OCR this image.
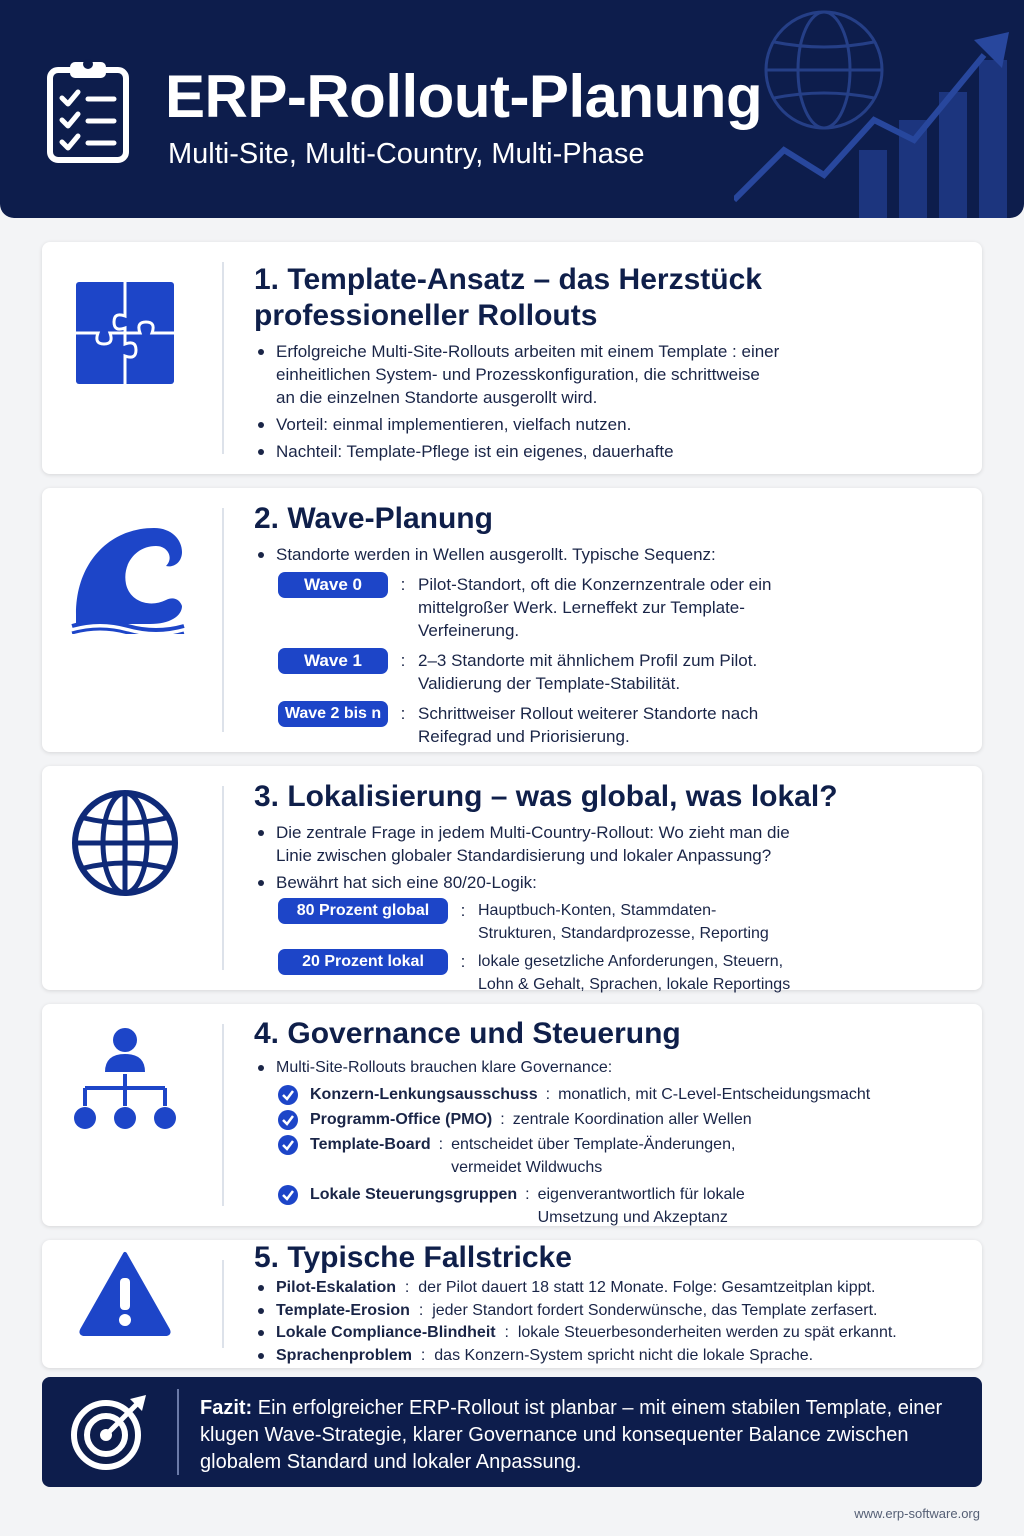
ERP-Rollout-Planung
Multi-Site, Multi-Country, Multi-Phase
1. Template-Ansatz – das Herzstück
professioneller Rollouts
Erfolgreiche Multi-Site-Rollouts arbeiten mit einem Template : einer einheitlichen System- und Prozesskonfiguration, die schrittweise an die einzelnen Standorte ausgerollt wird.
Vorteil: einmal implementieren, vielfach nutzen.
Nachteil: Template-Pflege ist ein eigenes, dauerhafte
2. Wave-Planung
Standorte werden in Wellen ausgerollt. Typische Sequenz:
Wave 0	: Pilot-Standort, oft die Konzernzentrale oder ein mittelgroßer Werk. Lerneffekt zur Template-Verfeinerung.
Wave 1	: 2–3 Standorte mit ähnlichem Profil zum Pilot. Validierung der Template-Stabilität.
Wave 2 bis n	: Schrittweiser Rollout weiterer Standorte nach Reifegrad und Priorisierung.
3. Lokalisierung – was global, was lokal?
Die zentrale Frage in jedem Multi-Country-Rollout: Wo zieht man die Linie zwischen globaler Standardisierung und lokaler Anpassung?
Bewährt hat sich eine 80/20-Logik:
80 Prozent global	: Hauptbuch-Konten, Stammdaten-Strukturen, Standardprozesse, Reporting
20 Prozent lokal	: lokale gesetzliche Anforderungen, Steuern, Lohn & Gehalt, Sprachen, lokale Reportings
4. Governance und Steuerung
Multi-Site-Rollouts brauchen klare Governance:
Konzern-Lenkungsausschuss : monatlich, mit C-Level-Entscheidungsmacht
Programm-Office (PMO) : zentrale Koordination aller Wellen
Template-Board : entscheidet über Template-Änderungen, vermeidet Wildwuchs
Lokale Steuerungsgruppen : eigenverantwortlich für lokale Umsetzung und Akzeptanz
5. Typische Fallstricke
Pilot-Eskalation  :  der Pilot dauert 18 statt 12 Monate. Folge: Gesamtzeitplan kippt.
Template-Erosion  :  jeder Standort fordert Sonderwünsche, das Template zerfasert.
Lokale Compliance-Blindheit  :  lokale Steuerbesonderheiten werden zu spät erkannt.
Sprachenproblem  :  das Konzern-System spricht nicht die lokale Sprache.
Fazit: Ein erfolgreicher ERP-Rollout ist planbar – mit einem stabilen Template, einer klugen Wave-Strategie, klarer Governance und konsequenter Balance zwischen globalem Standard und lokaler Anpassung.
www.erp-software.org
